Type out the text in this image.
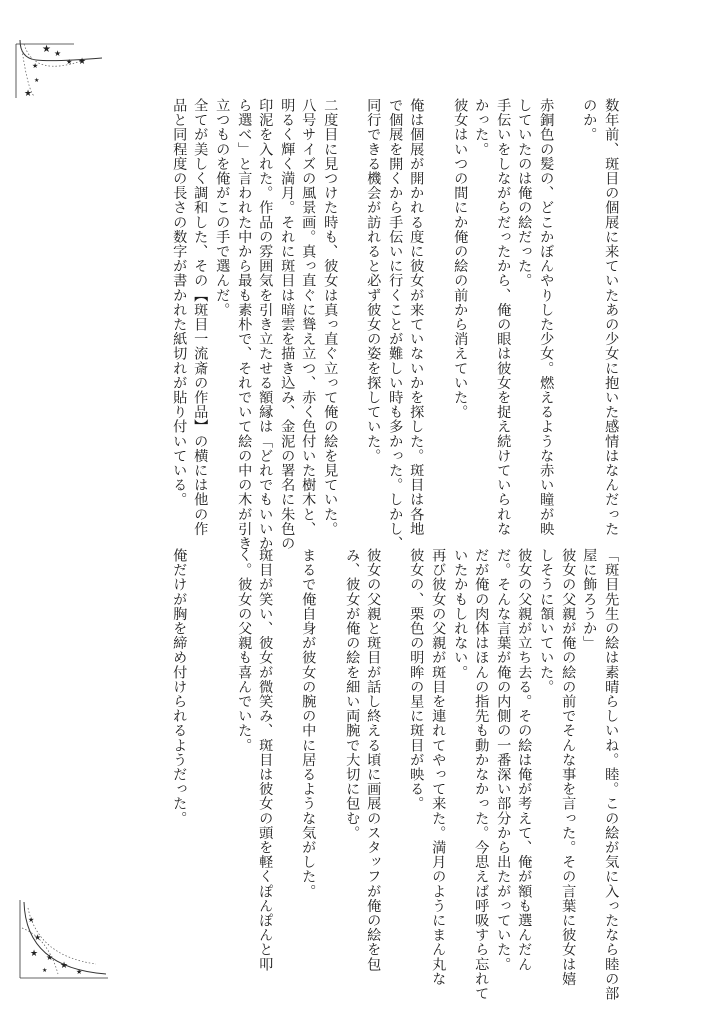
★ ★
★ ★
★
★
★
★
★
★ ★
★
★
★

数年前、斑目の個展に来ていたあの少女に抱いた感情はなんだった

のか。

赤銅色の髪の、どこかぼんやりした少女。燃えるような赤い瞳が映

していたのは俺の絵だった。

手伝いをしながらだったから、俺の眼は彼女を捉え続けていられな

かった。

彼女はいつの間にか俺の絵の前から消えていた。

俺は個展が開かれる度に彼女が来ていないかを探した。斑目は各地

で個展を開くから手伝いに行くことが難しい時も多かった。しかし、

同行できる機会が訪れると必ず彼女の姿を探していた。

二度目に見つけた時も、彼女は真っ直ぐ立って俺の絵を見ていた。

八号サイズの風景画。真っ直ぐに聳え立つ、赤く色付いた樹木と、

明るく輝く満月。それに斑目は暗雲を描き込み、金泥の署名に朱色の

印泥を入れた。作品の雰囲気を引き立たせる額縁は「どれでもいいか

ら選べ」と言われた中から最も素朴で、それでいて絵の中の木が引き

立つものを俺がこの手で選んだ。

全てが美しく調和した、その【斑目一流斎の作品】の横には他の作

品と同程度の長さの数字が書かれた紙切れが貼り付いている。

「斑目先生の絵は素晴らしいね。睦。この絵が気に入ったなら睦の部

屋に飾ろうか」

彼女の父親が俺の絵の前でそんな事を言った。その言葉に彼女は嬉

しそうに頷いていた。

彼女の父親が立ち去る。その絵は俺が考えて、俺が額も選んだん

だ。そんな言葉が俺の内側の一番深い部分から出たがっていた。

だが俺の肉体はほんの指先も動かなかった。今思えば呼吸すら忘れて

いたかもしれない。

再び彼女の父親が斑目を連れてやって来た。満月のようにまん丸な

彼女の、栗色の明眸の星に斑目が映る。

彼女の父親と斑目が話し終える頃に画展のスタッフが俺の絵を包

み、彼女が俺の絵を細い両腕で大切に包む。

まるで俺自身が彼女の腕の中に居るような気がした。

斑目が笑い、彼女が微笑み、斑目は彼女の頭を軽くぽんぽんと叩

く。彼女の父親も喜んでいた。

俺だけが胸を締め付けられるようだった。
